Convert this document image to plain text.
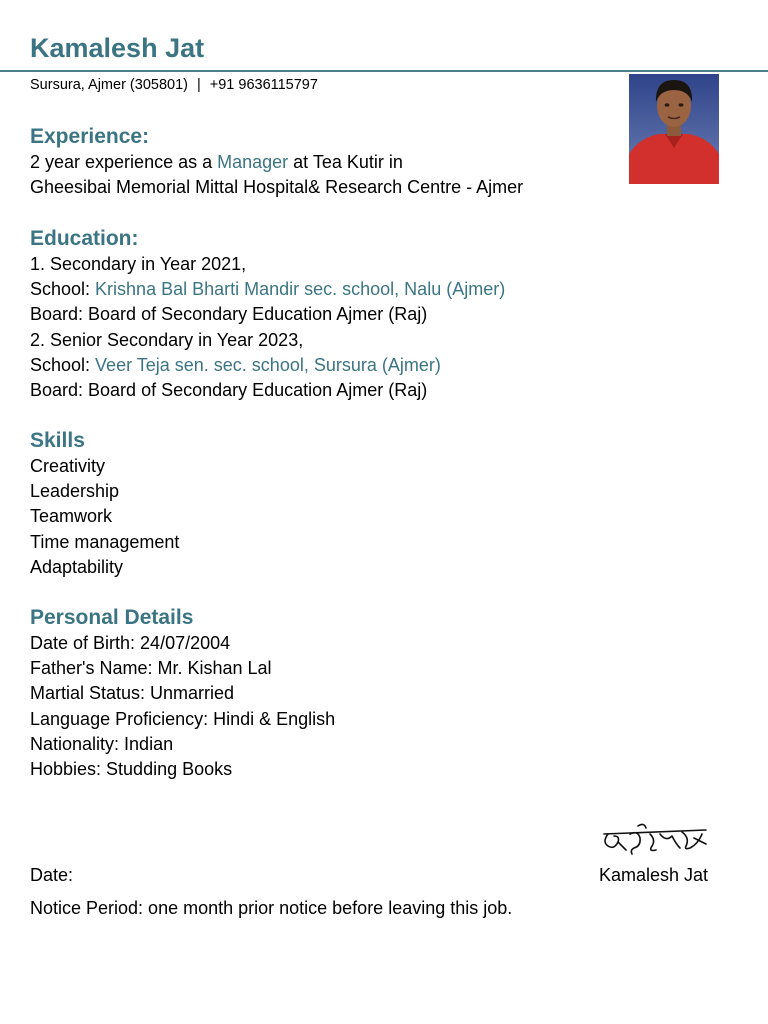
Kamalesh Jat
Sursura, Ajmer (305801) | +91 9636115797
Experience:
2 year experience as a Manager at Tea Kutir in
Gheesibai Memorial Mittal Hospital& Research Centre - Ajmer
Education:
1. Secondary in Year 2021,
School: Krishna Bal Bharti Mandir sec. school, Nalu (Ajmer)
Board: Board of Secondary Education Ajmer (Raj)
2. Senior Secondary in Year 2023,
School: Veer Teja sen. sec. school, Sursura (Ajmer)
Board: Board of Secondary Education Ajmer (Raj)
Skills
Creativity
Leadership
Teamwork
Time management
Adaptability
Personal Details
Date of Birth: 24/07/2004
Father's Name: Mr. Kishan Lal
Martial Status: Unmarried
Language Proficiency: Hindi & English
Nationality: Indian
Hobbies: Studding Books
Date:	Kamalesh Jat
Notice Period: one month prior notice before leaving this job.
